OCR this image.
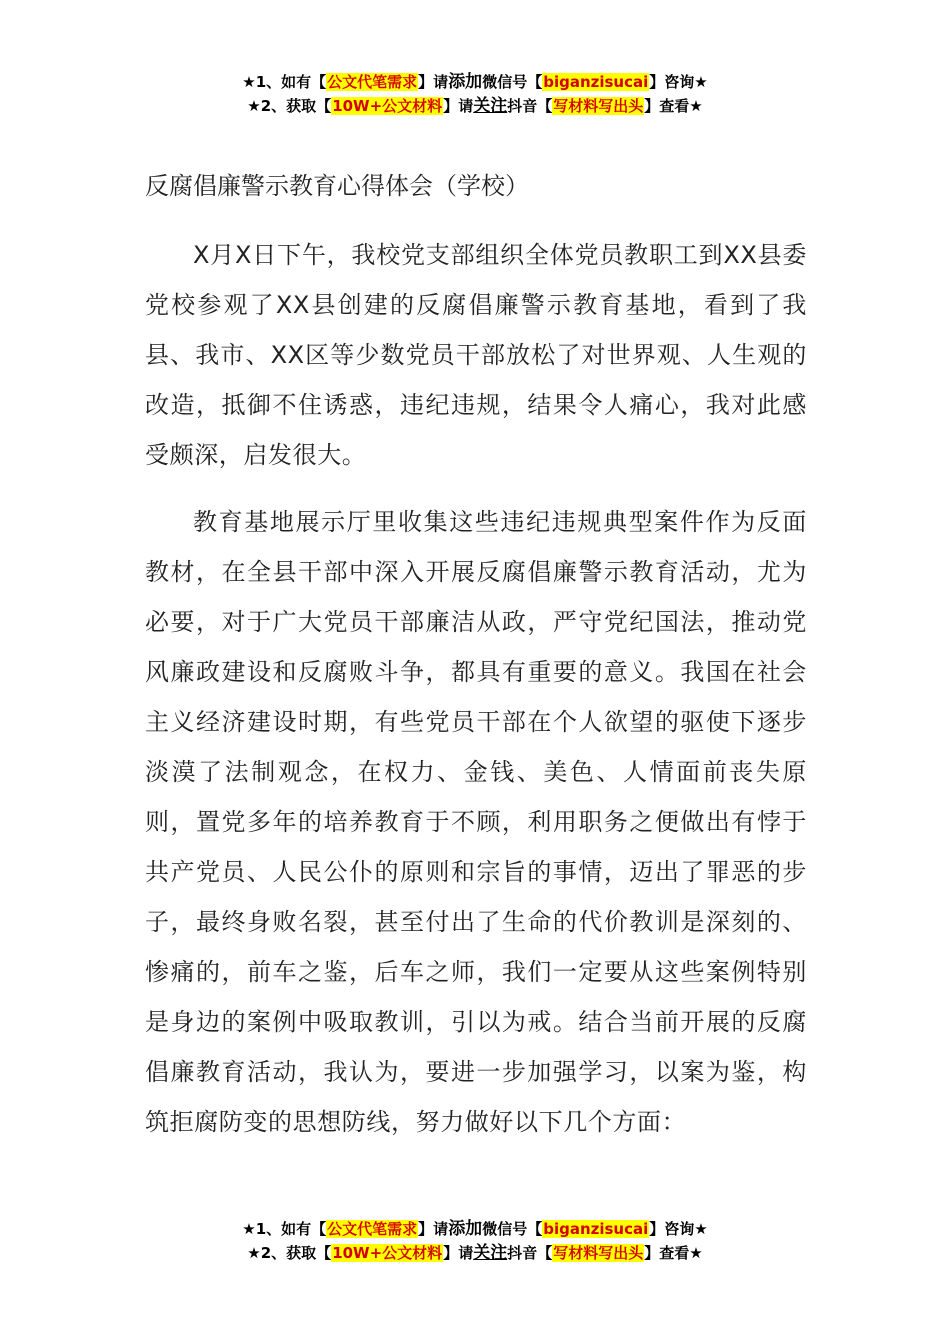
★1、如有【公文代笔需求】请添加微信号【biganzisucai】咨询★
★2、获取【10W+公文材料】请关注抖音【写材料写出头】查看★
反腐倡廉警示教育心得体会（学校）

X月X日下午，我校党支部组织全体党员教职工到XX县委党校参观了XX县创建的反腐倡廉警示教育基地，看到了我县、我市、XX区等少数党员干部放松了对世界观、人生观的改造，抵御不住诱惑，违纪违规，结果令人痛心，我对此感受颇深，启发很大。

教育基地展示厅里收集这些违纪违规典型案件作为反面教材，在全县干部中深入开展反腐倡廉警示教育活动，尤为必要，对于广大党员干部廉洁从政，严守党纪国法，推动党风廉政建设和反腐败斗争，都具有重要的意义。我国在社会主义经济建设时期，有些党员干部在个人欲望的驱使下逐步淡漠了法制观念，在权力、金钱、美色、人情面前丧失原则，置党多年的培养教育于不顾，利用职务之便做出有悖于共产党员、人民公仆的原则和宗旨的事情，迈出了罪恶的步子，最终身败名裂，甚至付出了生命的代价教训是深刻的、惨痛的，前车之鉴，后车之师，我们一定要从这些案例特别是身边的案例中吸取教训，引以为戒。结合当前开展的反腐倡廉教育活动，我认为，要进一步加强学习，以案为鉴，构筑拒腐防变的思想防线，努力做好以下几个方面：

★1、如有【公文代笔需求】请添加微信号【biganzisucai】咨询★
★2、获取【10W+公文材料】请关注抖音【写材料写出头】查看★
